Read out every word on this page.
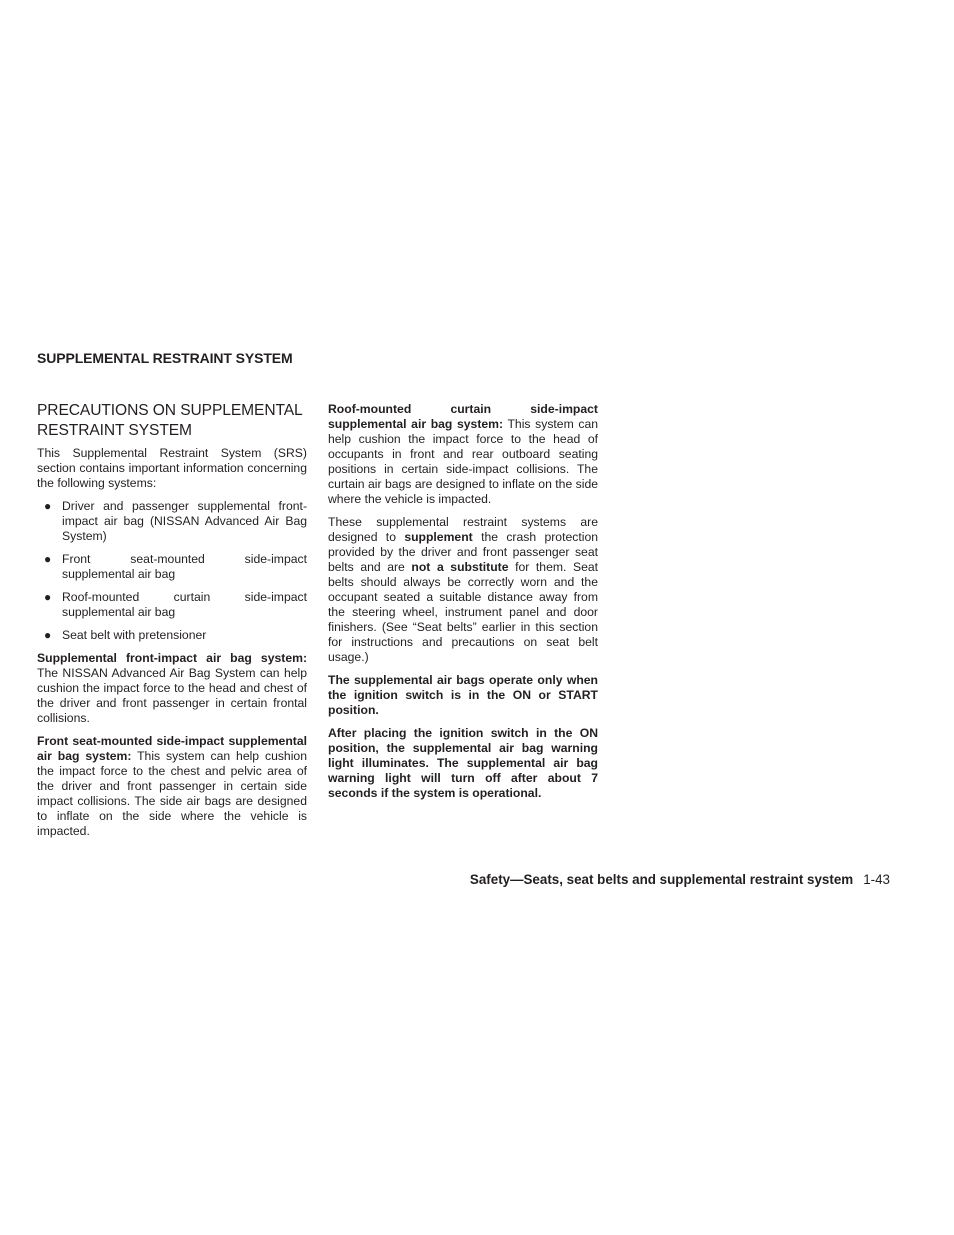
SUPPLEMENTAL RESTRAINT SYSTEM
PRECAUTIONS ON SUPPLEMENTAL RESTRAINT SYSTEM

This Supplemental Restraint System (SRS) section contains important information concerning the following systems:

● Driver and passenger supplemental front-impact air bag (NISSAN Advanced Air Bag System)
● Front seat-mounted side-impact supplemental air bag
● Roof-mounted curtain side-impact supplemental air bag
● Seat belt with pretensioner

Supplemental front-impact air bag system: The NISSAN Advanced Air Bag System can help cushion the impact force to the head and chest of the driver and front passenger in certain frontal collisions.

Front seat-mounted side-impact supplemental air bag system: This system can help cushion the impact force to the chest and pelvic area of the driver and front passenger in certain side impact collisions. The side air bags are designed to inflate on the side where the vehicle is impacted.

Roof-mounted curtain side-impact supplemental air bag system: This system can help cushion the impact force to the head of occupants in front and rear outboard seating positions in certain side-impact collisions. The curtain air bags are designed to inflate on the side where the vehicle is impacted.

These supplemental restraint systems are designed to supplement the crash protection provided by the driver and front passenger seat belts and are not a substitute for them. Seat belts should always be correctly worn and the occupant seated a suitable distance away from the steering wheel, instrument panel and door finishers. (See “Seat belts” earlier in this section for instructions and precautions on seat belt usage.)

The supplemental air bags operate only when the ignition switch is in the ON or START position.

After placing the ignition switch in the ON position, the supplemental air bag warning light illuminates. The supplemental air bag warning light will turn off after about 7 seconds if the system is operational.

Safety—Seats, seat belts and supplemental restraint system 1-43
